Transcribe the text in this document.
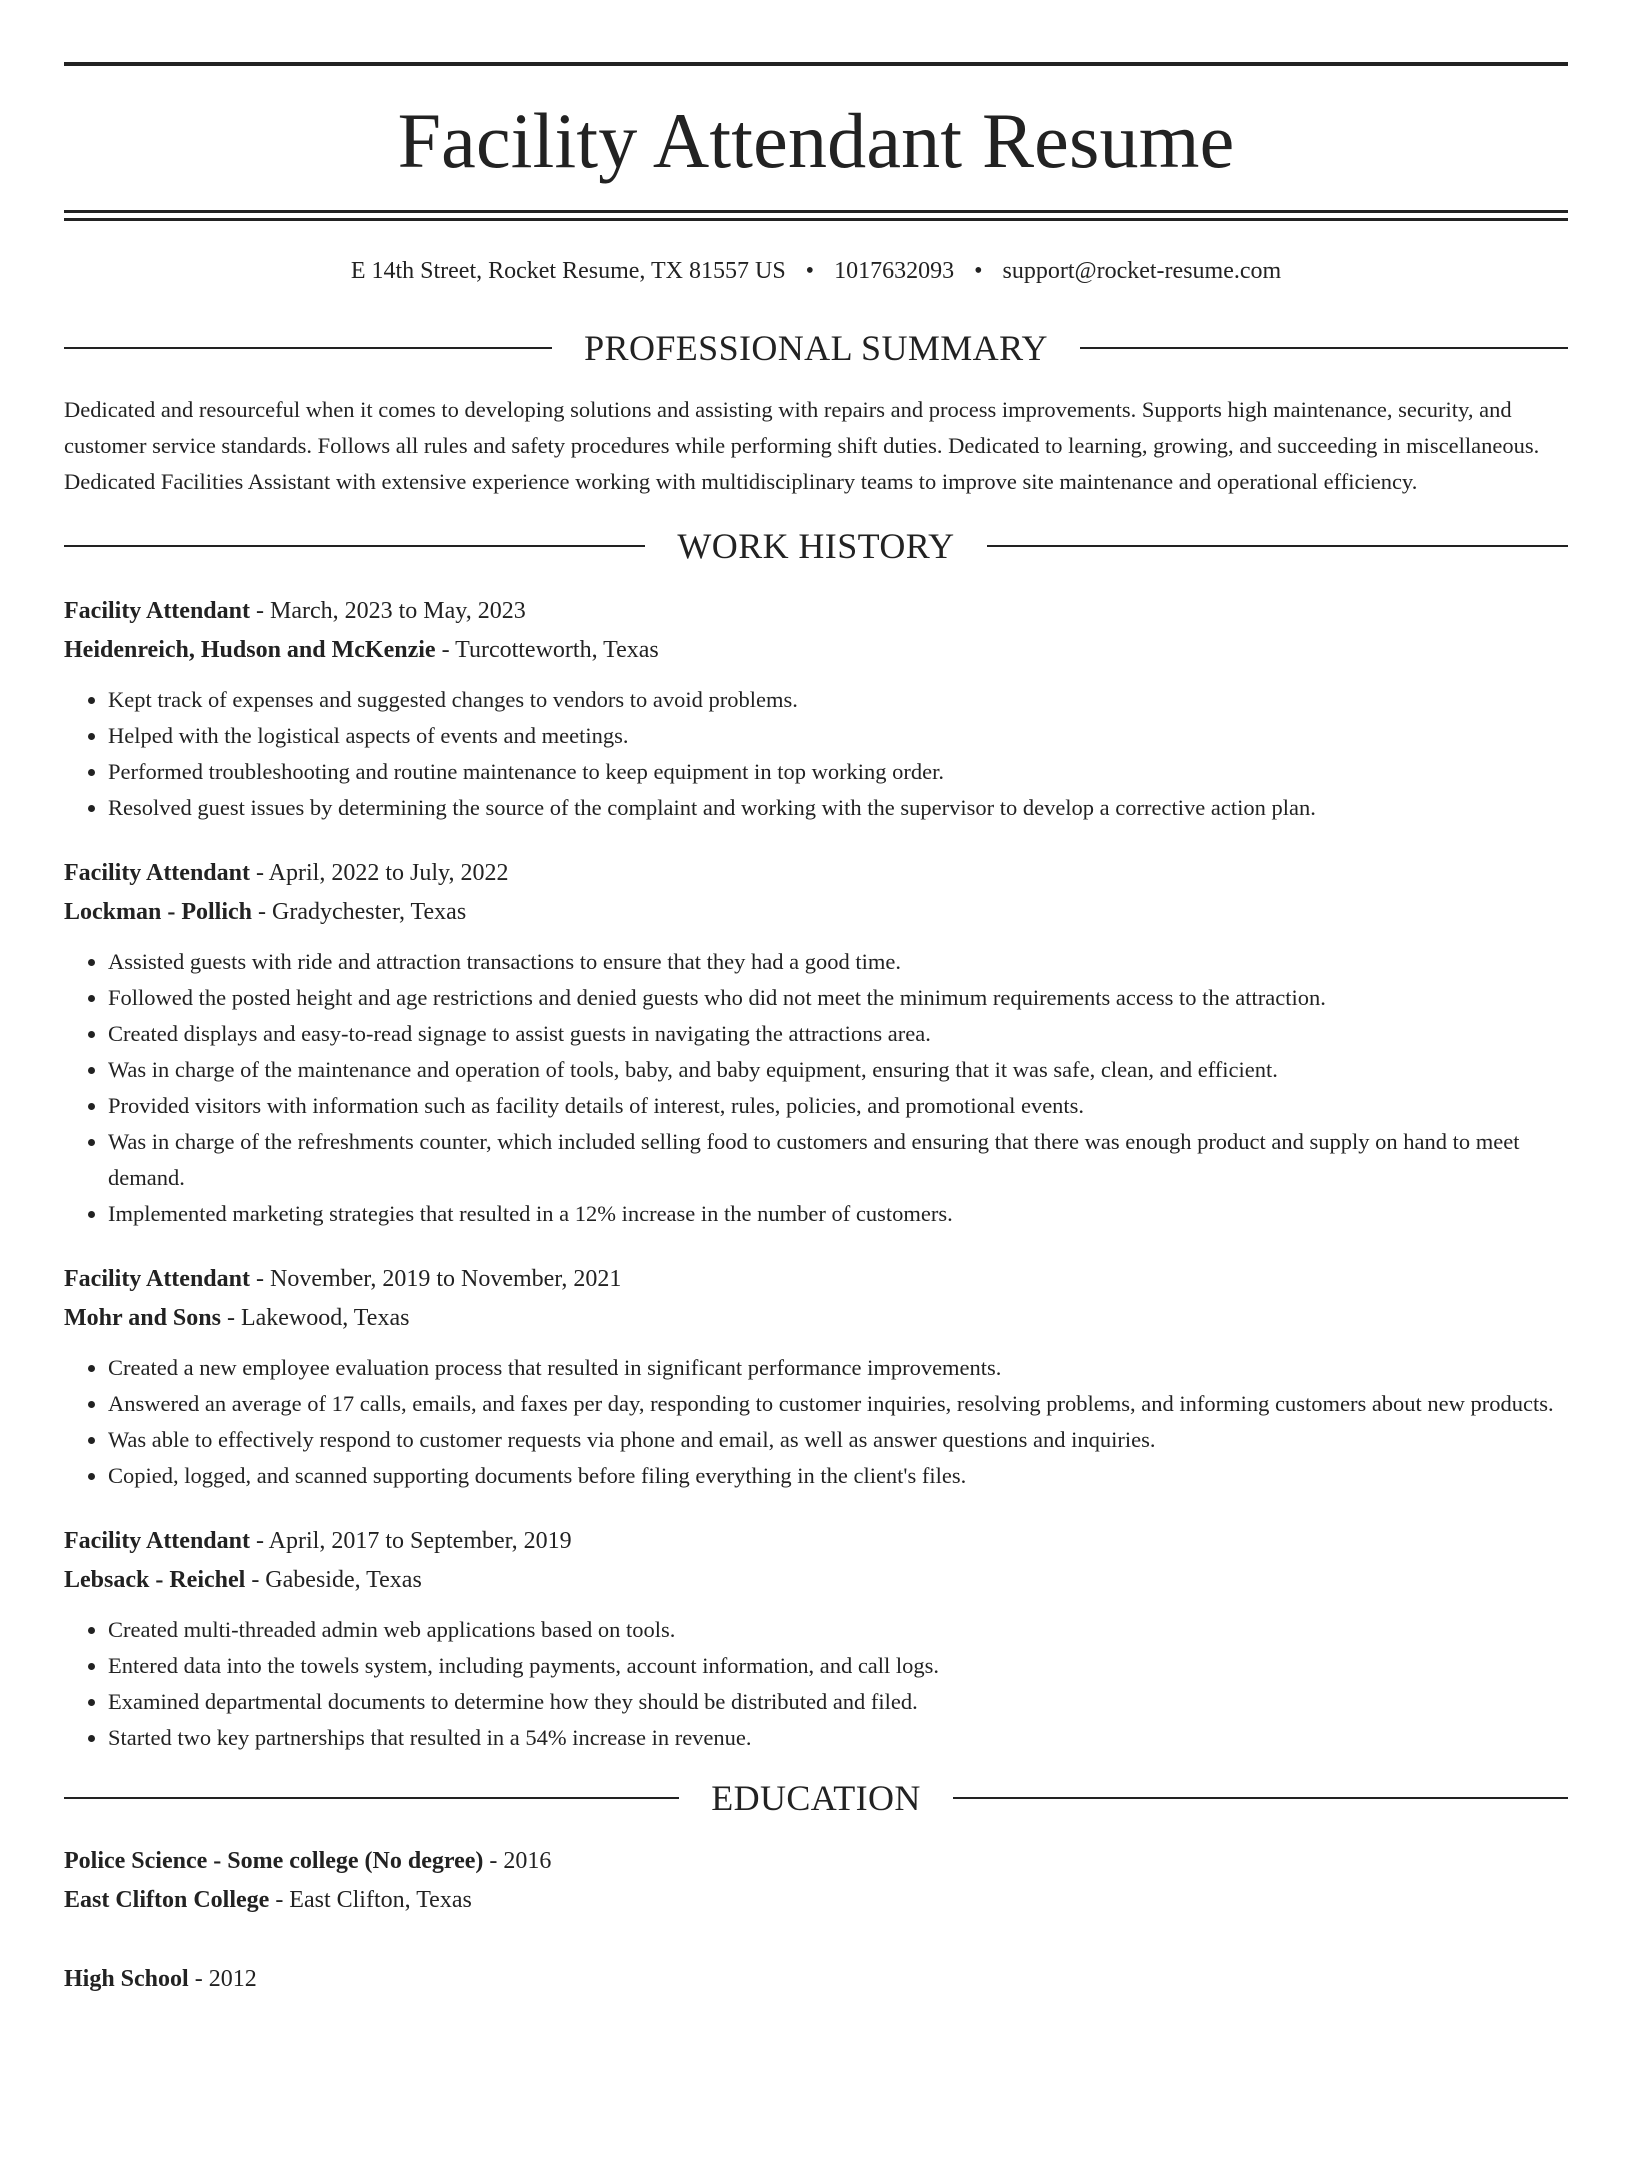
Facility Attendant Resume
E 14th Street, Rocket Resume, TX 81557 US • 1017632093 • support@rocket-resume.com
PROFESSIONAL SUMMARY

Dedicated and resourceful when it comes to developing solutions and assisting with repairs and process improvements. Supports high maintenance, security, and customer service standards. Follows all rules and safety procedures while performing shift duties. Dedicated to learning, growing, and succeeding in miscellaneous. Dedicated Facilities Assistant with extensive experience working with multidisciplinary teams to improve site maintenance and operational efficiency.

WORK HISTORY
Facility Attendant - March, 2023 to May, 2023
Heidenreich, Hudson and McKenzie - Turcotteworth, Texas
• Kept track of expenses and suggested changes to vendors to avoid problems.
• Helped with the logistical aspects of events and meetings.
• Performed troubleshooting and routine maintenance to keep equipment in top working order.
• Resolved guest issues by determining the source of the complaint and working with the supervisor to develop a corrective action plan.
Facility Attendant - April, 2022 to July, 2022
Lockman - Pollich - Gradychester, Texas
• Assisted guests with ride and attraction transactions to ensure that they had a good time.
• Followed the posted height and age restrictions and denied guests who did not meet the minimum requirements access to the attraction.
• Created displays and easy-to-read signage to assist guests in navigating the attractions area.
• Was in charge of the maintenance and operation of tools, baby, and baby equipment, ensuring that it was safe, clean, and efficient.
• Provided visitors with information such as facility details of interest, rules, policies, and promotional events.
• Was in charge of the refreshments counter, which included selling food to customers and ensuring that there was enough product and supply on hand to meet demand.
• Implemented marketing strategies that resulted in a 12% increase in the number of customers.
Facility Attendant - November, 2019 to November, 2021
Mohr and Sons - Lakewood, Texas
• Created a new employee evaluation process that resulted in significant performance improvements.
• Answered an average of 17 calls, emails, and faxes per day, responding to customer inquiries, resolving problems, and informing customers about new products.
• Was able to effectively respond to customer requests via phone and email, as well as answer questions and inquiries.
• Copied, logged, and scanned supporting documents before filing everything in the client's files.
Facility Attendant - April, 2017 to September, 2019
Lebsack - Reichel - Gabeside, Texas
• Created multi-threaded admin web applications based on tools.
• Entered data into the towels system, including payments, account information, and call logs.
• Examined departmental documents to determine how they should be distributed and filed.
• Started two key partnerships that resulted in a 54% increase in revenue.
EDUCATION
Police Science - Some college (No degree) - 2016
East Clifton College - East Clifton, Texas
High School - 2012
